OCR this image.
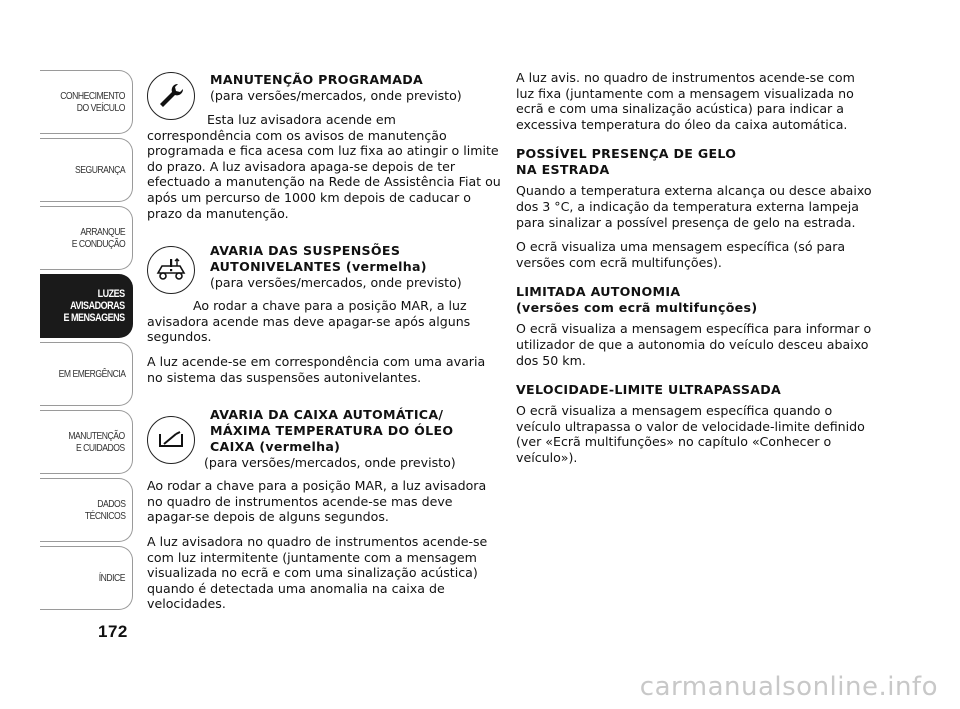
CONHECIMENTO
DO VEÍCULO
SEGURANÇA
ARRANQUE
E CONDUÇÃO
LUZES
AVISADORAS
E MENSAGENS
EM EMERGÊNCIA
MANUTENÇÃO
E CUIDADOS
DADOS
TÉCNICOS
ÍNDICE
172

MANUTENÇÃO PROGRAMADA

(para versões/mercados, onde previsto)

Esta luz avisadora acende em correspondência com os avisos de manutenção programada e fica acesa com luz fixa ao atingir o limite do prazo. A luz avisadora apaga-se depois de ter efectuado a manutenção na Rede de Assistência Fiat ou após um percurso de 1000 km depois de caducar o prazo da manutenção.

AVARIA DAS SUSPENSÕES

AUTONIVELANTES (vermelha)

(para versões/mercados, onde previsto)

Ao rodar a chave para a posição MAR, a luz avisadora acende mas deve apagar-se após alguns segundos.

A luz acende-se em correspondência com uma avaria no sistema das suspensões autonivelantes.

AVARIA DA CAIXA AUTOMÁTICA/

MÁXIMA TEMPERATURA DO ÓLEO

CAIXA (vermelha)

(para versões/mercados, onde previsto)

Ao rodar a chave para a posição MAR, a luz avisadora no quadro de instrumentos acende-se mas deve apagar-se depois de alguns segundos.

A luz avisadora no quadro de instrumentos acende-se com luz intermitente (juntamente com a mensagem visualizada no ecrã e com uma sinalização acústica) quando é detectada uma anomalia na caixa de velocidades.

A luz avis. no quadro de instrumentos acende-se com luz fixa (juntamente com a mensagem visualizada no ecrã e com uma sinalização acústica) para indicar a excessiva temperatura do óleo da caixa automática.

POSSÍVEL PRESENÇA DE GELO

NA ESTRADA

Quando a temperatura externa alcança ou desce abaixo dos 3 °C, a indicação da temperatura externa lampeja para sinalizar a possível presença de gelo na estrada.

O ecrã visualiza uma mensagem específica (só para versões com ecrã multifunções).

LIMITADA AUTONOMIA

(versões com ecrã multifunções)

O ecrã visualiza a mensagem específica para informar o utilizador de que a autonomia do veículo desceu abaixo dos 50 km.

VELOCIDADE-LIMITE ULTRAPASSADA

O ecrã visualiza a mensagem específica quando o veículo ultrapassa o valor de velocidade-limite definido (ver «Ecrã multifunções» no capítulo «Conhecer o veículo»).

carmanualsonline.info
